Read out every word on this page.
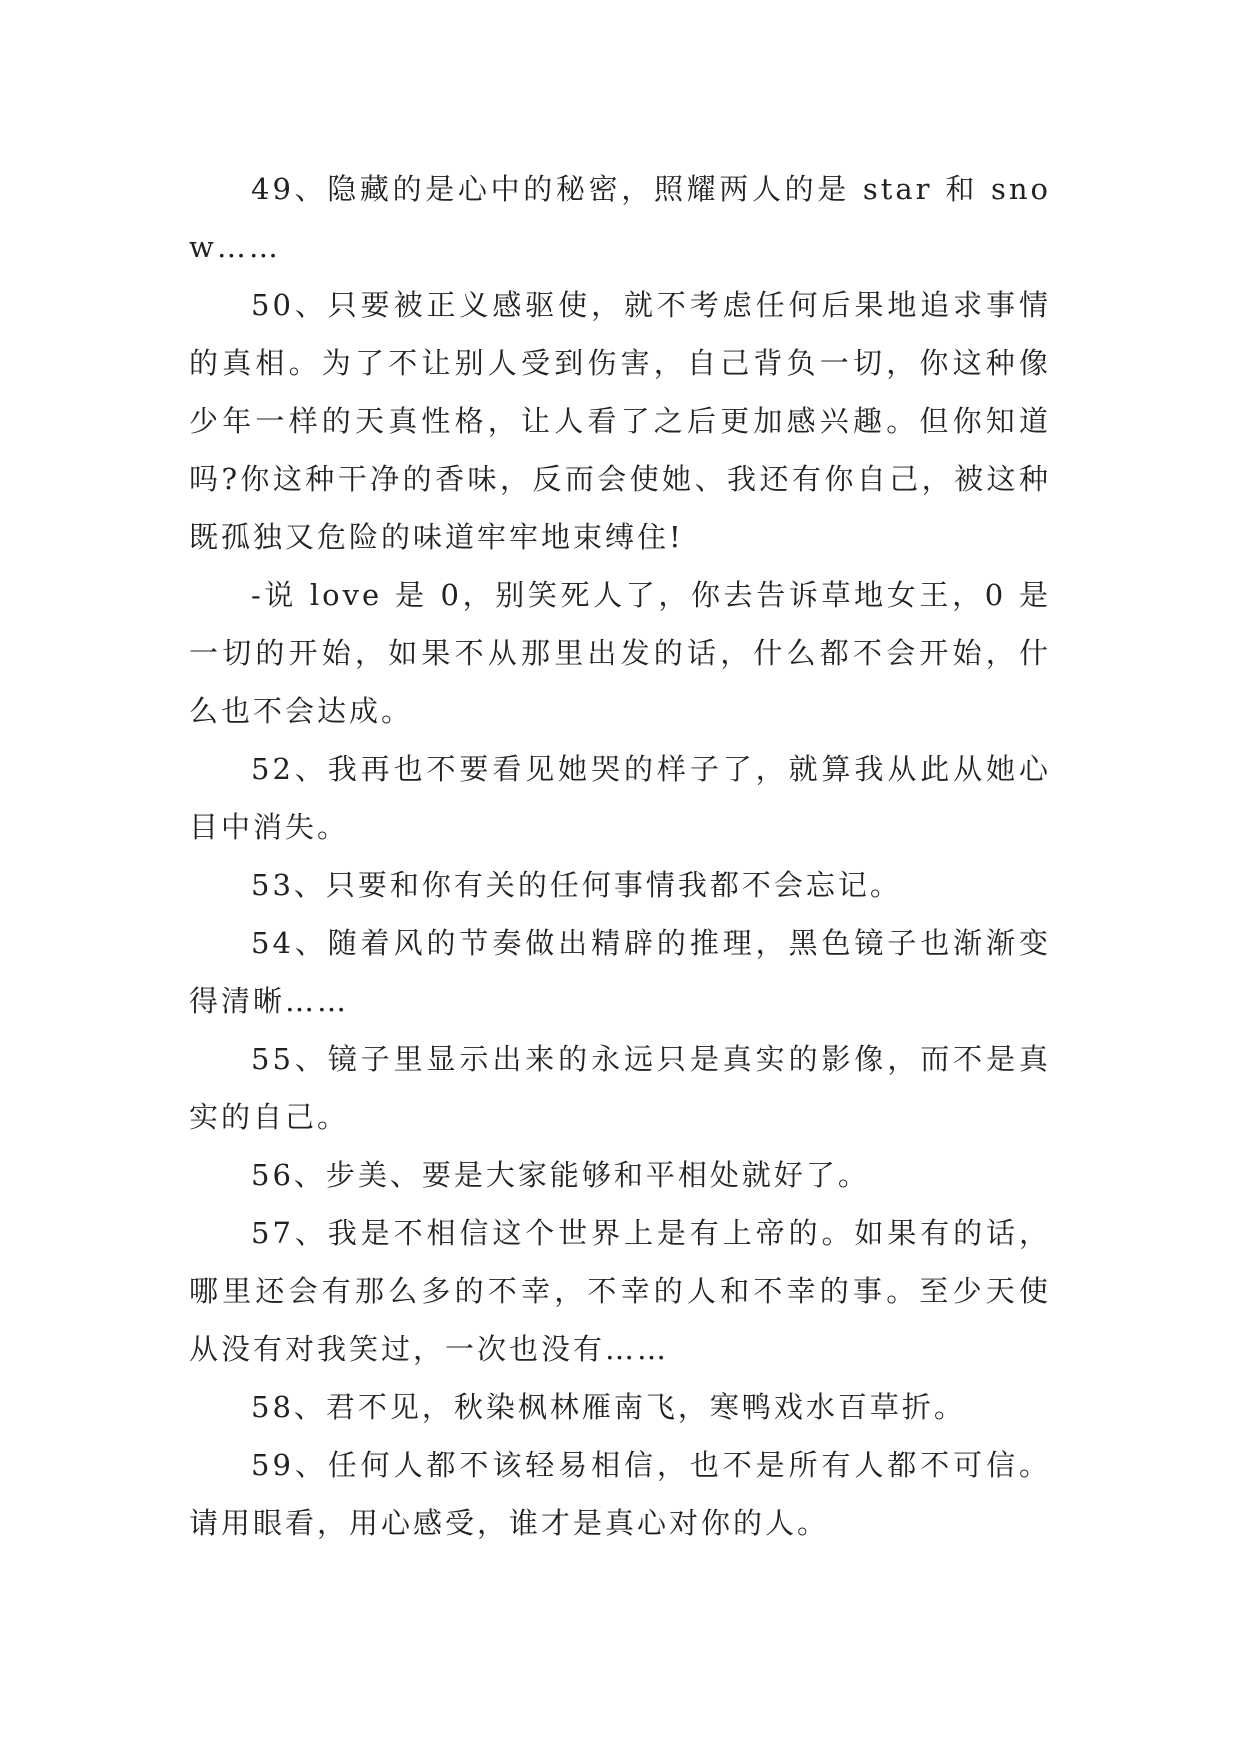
49、隐藏的是心中的秘密，照耀两人的是 star 和 snow……

50、只要被正义感驱使，就不考虑任何后果地追求事情的真相。为了不让别人受到伤害，自己背负一切，你这种像少年一样的天真性格，让人看了之后更加感兴趣。但你知道吗?你这种干净的香味，反而会使她、我还有你自己，被这种既孤独又危险的味道牢牢地束缚住!

-说 love 是 0，别笑死人了，你去告诉草地女王，0 是一切的开始，如果不从那里出发的话，什么都不会开始，什么也不会达成。

52、我再也不要看见她哭的样子了，就算我从此从她心目中消失。

53、只要和你有关的任何事情我都不会忘记。

54、随着风的节奏做出精辟的推理，黑色镜子也渐渐变得清晰……

55、镜子里显示出来的永远只是真实的影像，而不是真实的自己。

56、步美、要是大家能够和平相处就好了。

57、我是不相信这个世界上是有上帝的。如果有的话，哪里还会有那么多的不幸，不幸的人和不幸的事。至少天使从没有对我笑过，一次也没有……

58、君不见，秋染枫林雁南飞，寒鸭戏水百草折。

59、任何人都不该轻易相信，也不是所有人都不可信。请用眼看，用心感受，谁才是真心对你的人。
